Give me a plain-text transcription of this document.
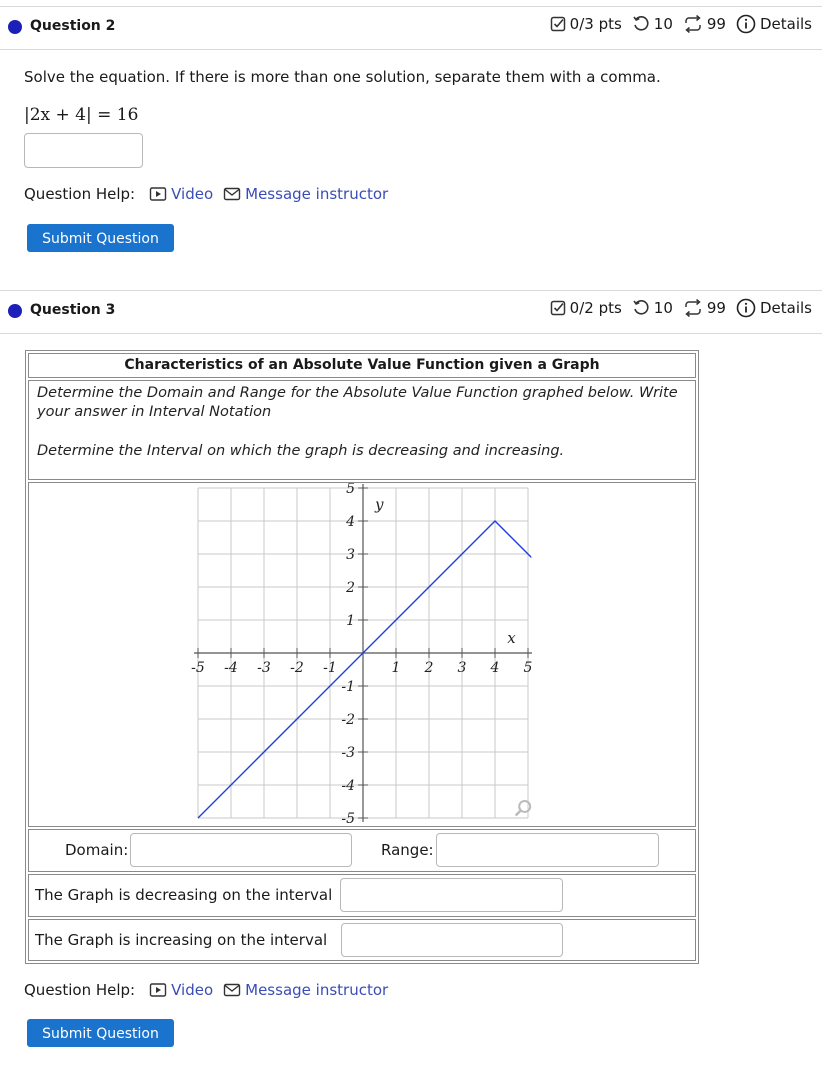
Question 2	0/3 pts 10 99 Details
Solve the equation. If there is more than one solution, separate them with a comma.
|2x + 4| = 16
Question Help: Video Message instructor
Submit Question
Question 3	0/2 pts 10 99 Details
Characteristics of an Absolute Value Function given a Graph
Determine the Domain and Range for the Absolute Value Function graphed below. Write your answer in Interval Notation
Determine the Interval on which the graph is decreasing and increasing.
-5 -4 -3 -2 -1	1 2 3 4 5
5
4
3
2
1
-1
-2
-3
-4
-5
x
y
Domain:	Range:
The Graph is decreasing on the interval
The Graph is increasing on the interval
Question Help: Video Message instructor
Submit Question
